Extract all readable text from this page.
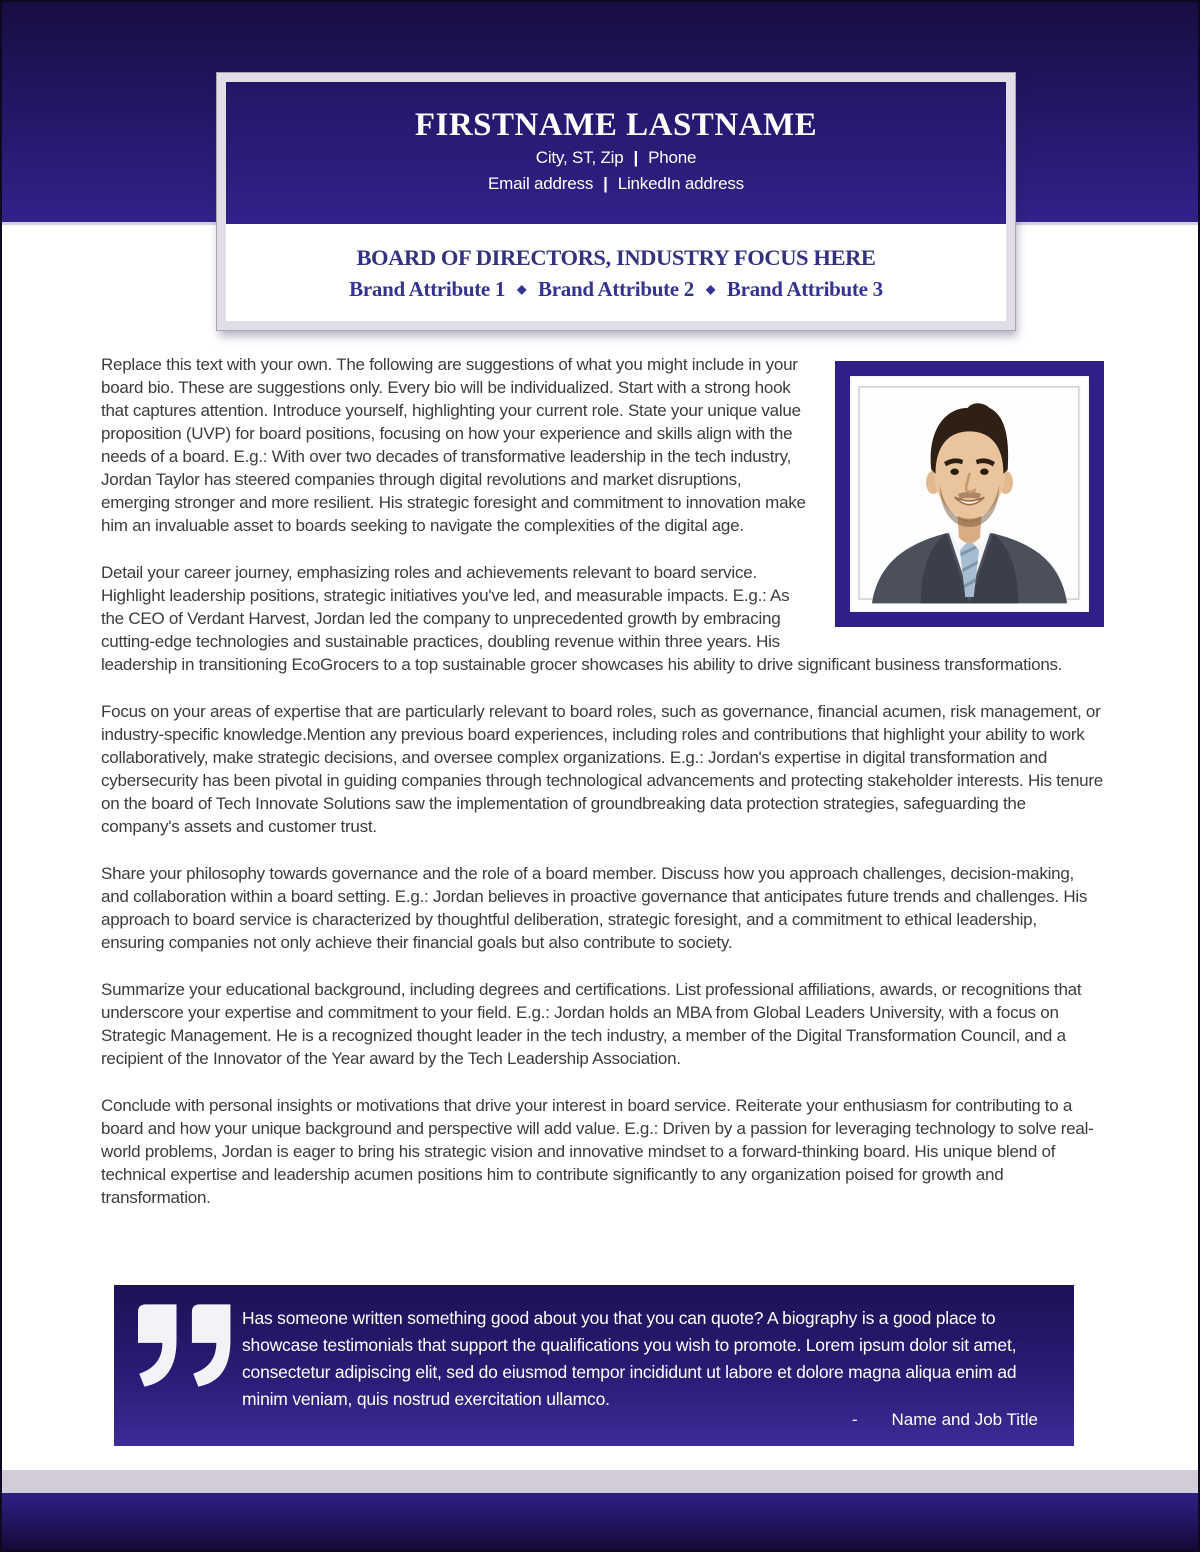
FIRSTNAME LASTNAME
City, ST, Zip | Phone
Email address | LinkedIn address
BOARD OF DIRECTORS, INDUSTRY FOCUS HERE
Brand Attribute 1 ◆ Brand Attribute 2 ◆ Brand Attribute 3

Replace this text with your own. The following are suggestions of what you might include in your board bio. These are suggestions only. Every bio will be individualized. Start with a strong hook that captures attention. Introduce yourself, highlighting your current role. State your unique value proposition (UVP) for board positions, focusing on how your experience and skills align with the needs of a board. E.g.: With over two decades of transformative leadership in the tech industry, Jordan Taylor has steered companies through digital revolutions and market disruptions, emerging stronger and more resilient. His strategic foresight and commitment to innovation make him an invaluable asset to boards seeking to navigate the complexities of the digital age.

Detail your career journey, emphasizing roles and achievements relevant to board service. Highlight leadership positions, strategic initiatives you've led, and measurable impacts. E.g.: As the CEO of Verdant Harvest, Jordan led the company to unprecedented growth by embracing cutting-edge technologies and sustainable practices, doubling revenue within three years. His leadership in transitioning EcoGrocers to a top sustainable grocer showcases his ability to drive significant business transformations.

Focus on your areas of expertise that are particularly relevant to board roles, such as governance, financial acumen, risk management, or industry-specific knowledge.Mention any previous board experiences, including roles and contributions that highlight your ability to work collaboratively, make strategic decisions, and oversee complex organizations. E.g.: Jordan's expertise in digital transformation and cybersecurity has been pivotal in guiding companies through technological advancements and protecting stakeholder interests. His tenure on the board of Tech Innovate Solutions saw the implementation of groundbreaking data protection strategies, safeguarding the company's assets and customer trust.

Share your philosophy towards governance and the role of a board member. Discuss how you approach challenges, decision-making, and collaboration within a board setting. E.g.: Jordan believes in proactive governance that anticipates future trends and challenges. His approach to board service is characterized by thoughtful deliberation, strategic foresight, and a commitment to ethical leadership, ensuring companies not only achieve their financial goals but also contribute to society.

Summarize your educational background, including degrees and certifications. List professional affiliations, awards, or recognitions that underscore your expertise and commitment to your field. E.g.: Jordan holds an MBA from Global Leaders University, with a focus on Strategic Management. He is a recognized thought leader in the tech industry, a member of the Digital Transformation Council, and a recipient of the Innovator of the Year award by the Tech Leadership Association.

Conclude with personal insights or motivations that drive your interest in board service. Reiterate your enthusiasm for contributing to a board and how your unique background and perspective will add value. E.g.: Driven by a passion for leveraging technology to solve real-world problems, Jordan is eager to bring his strategic vision and innovative mindset to a forward-thinking board. His unique blend of technical expertise and leadership acumen positions him to contribute significantly to any organization poised for growth and transformation.

Has someone written something good about you that you can quote? A biography is a good place to showcase testimonials that support the qualifications you wish to promote. Lorem ipsum dolor sit amet, consectetur adipiscing elit, sed do eiusmod tempor incididunt ut labore et dolore magna aliqua enim ad minim veniam, quis nostrud exercitation ullamco.
- Name and Job Title
